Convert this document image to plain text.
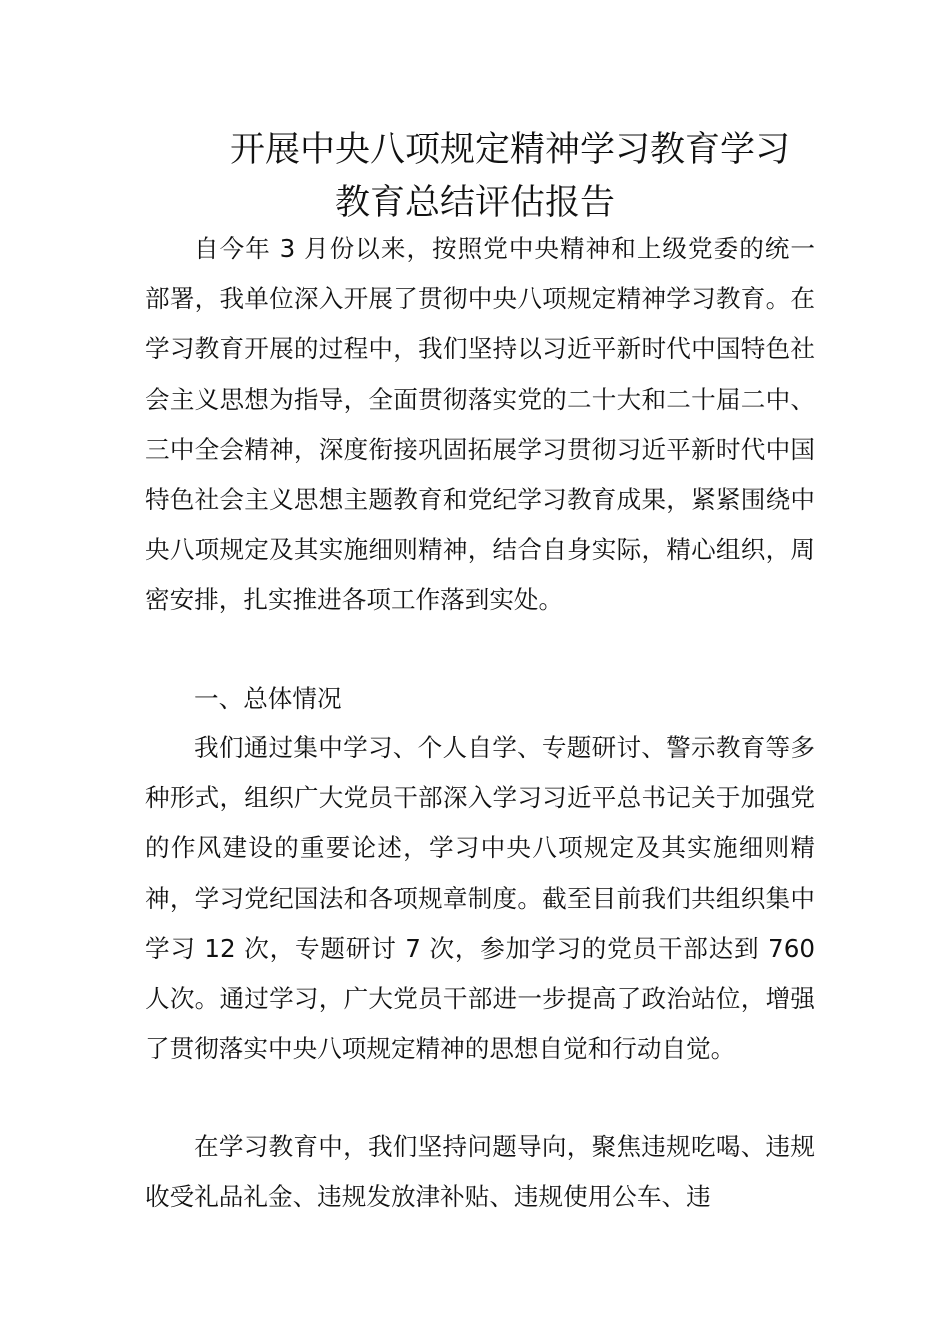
开展中央八项规定精神学习教育学习
教育总结评估报告

自今年 3 月份以来，按照党中央精神和上级党委的统一部署，我单位深入开展了贯彻中央八项规定精神学习教育。在学习教育开展的过程中，我们坚持以习近平新时代中国特色社会主义思想为指导，全面贯彻落实党的二十大和二十届二中、三中全会精神，深度衔接巩固拓展学习贯彻习近平新时代中国特色社会主义思想主题教育和党纪学习教育成果，紧紧围绕中央八项规定及其实施细则精神，结合自身实际，精心组织，周密安排，扎实推进各项工作落到实处。

一、总体情况

我们通过集中学习、个人自学、专题研讨、警示教育等多种形式，组织广大党员干部深入学习习近平总书记关于加强党的作风建设的重要论述，学习中央八项规定及其实施细则精神，学习党纪国法和各项规章制度。截至目前我们共组织集中学习 12 次，专题研讨 7 次，参加学习的党员干部达到 760 人次。通过学习，广大党员干部进一步提高了政治站位，增强了贯彻落实中央八项规定精神的思想自觉和行动自觉。

在学习教育中，我们坚持问题导向，聚焦违规吃喝、违规收受礼品礼金、违规发放津补贴、违规使用公车、违
